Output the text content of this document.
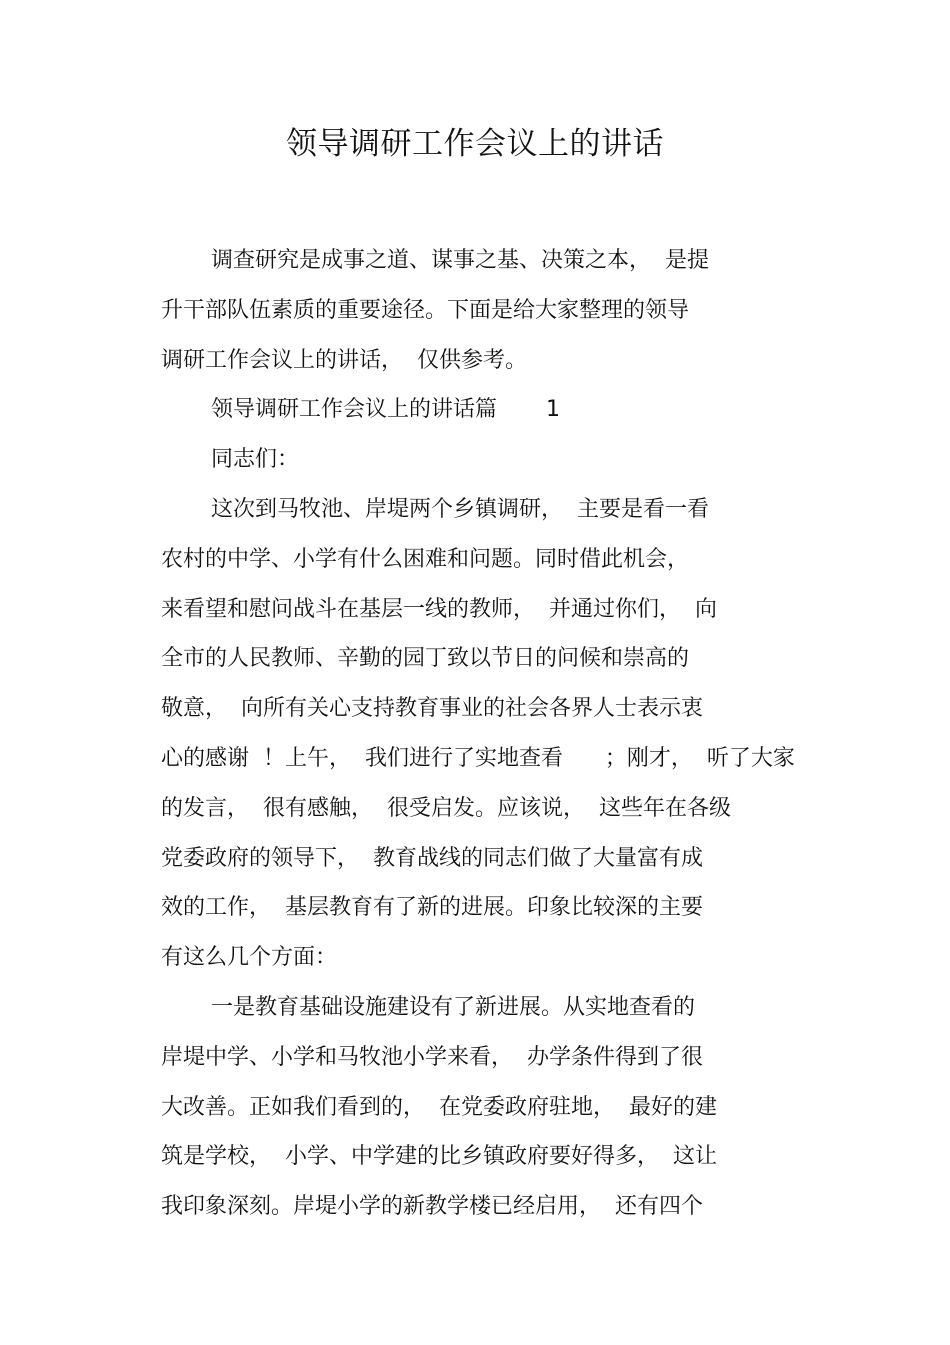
领导调研工作会议上的讲话
调查研究是成事之道、谋事之基、决策之本，  是提
升干部队伍素质的重要途径。下面是给大家整理的领导
调研工作会议上的讲话，  仅供参考。
领导调研工作会议上的讲话篇       1
同志们：
这次到马牧池、岸堤两个乡镇调研，  主要是看一看
农村的中学、小学有什么困难和问题。同时借此机会，
来看望和慰问战斗在基层一线的教师，  并通过你们，  向
全市的人民教师、辛勤的园丁致以节日的问候和崇高的
敬意，  向所有关心支持教育事业的社会各界人士表示衷
心的感谢  ！上午，  我们进行了实地查看      ；刚才，  听了大家
的发言，  很有感触，  很受启发。应该说，  这些年在各级
党委政府的领导下，  教育战线的同志们做了大量富有成
效的工作，  基层教育有了新的进展。印象比较深的主要
有这么几个方面：
一是教育基础设施建设有了新进展。从实地查看的
岸堤中学、小学和马牧池小学来看，  办学条件得到了很
大改善。正如我们看到的，  在党委政府驻地，  最好的建
筑是学校，  小学、中学建的比乡镇政府要好得多，  这让
我印象深刻。岸堤小学的新教学楼已经启用，  还有四个
